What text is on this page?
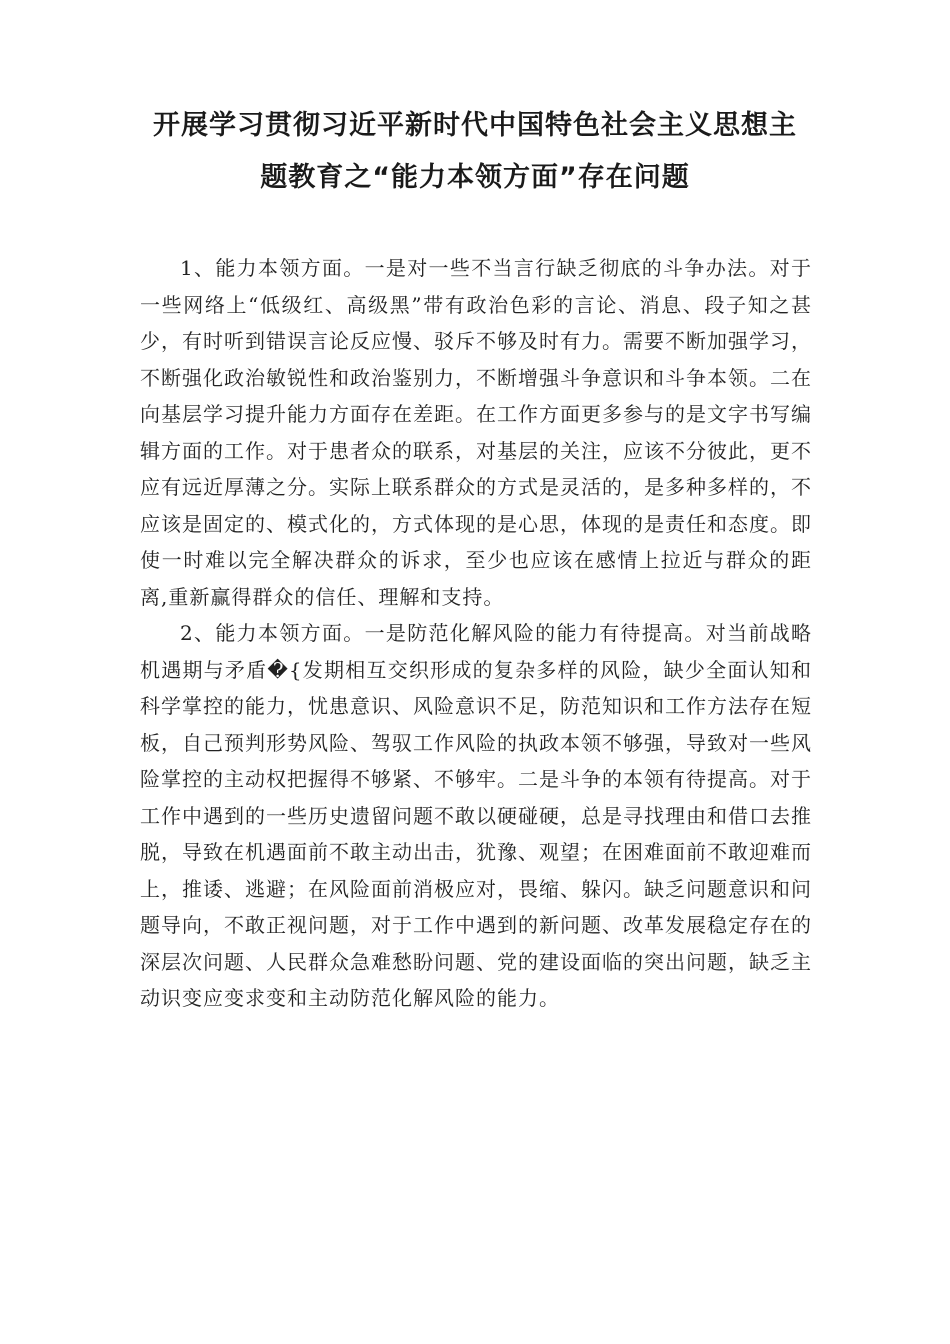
开展学习贯彻习近平新时代中国特色社会主义思想主题教育之“能力本领方面”存在问题

1、能力本领方面。一是对一些不当言行缺乏彻底的斗争办法。对于一些网络上“低级红、高级黑”带有政治色彩的言论、消息、段子知之甚少，有时听到错误言论反应慢、驳斥不够及时有力。需要不断加强学习，不断强化政治敏锐性和政治鉴别力，不断增强斗争意识和斗争本领。二在向基层学习提升能力方面存在差距。在工作方面更多参与的是文字书写编辑方面的工作。对于患者众的联系，对基层的关注，应该不分彼此，更不应有远近厚薄之分。实际上联系群众的方式是灵活的，是多种多样的，不应该是固定的、模式化的，方式体现的是心思，体现的是责任和态度。即使一时难以完全解决群众的诉求，至少也应该在感情上拉近与群众的距离,重新赢得群众的信任、理解和支持。

2、能力本领方面。一是防范化解风险的能力有待提高。对当前战略机遇期与矛盾�{发期相互交织形成的复杂多样的风险，缺少全面认知和科学掌控的能力，忧患意识、风险意识不足，防范知识和工作方法存在短板，自己预判形势风险、驾驭工作风险的执政本领不够强，导致对一些风险掌控的主动权把握得不够紧、不够牢。二是斗争的本领有待提高。对于工作中遇到的一些历史遗留问题不敢以硬碰硬，总是寻找理由和借口去推脱，导致在机遇面前不敢主动出击，犹豫、观望；在困难面前不敢迎难而上，推诿、逃避；在风险面前消极应对，畏缩、躲闪。缺乏问题意识和问题导向，不敢正视问题，对于工作中遇到的新问题、改革发展稳定存在的深层次问题、人民群众急难愁盼问题、党的建设面临的突出问题，缺乏主动识变应变求变和主动防范化解风险的能力。
